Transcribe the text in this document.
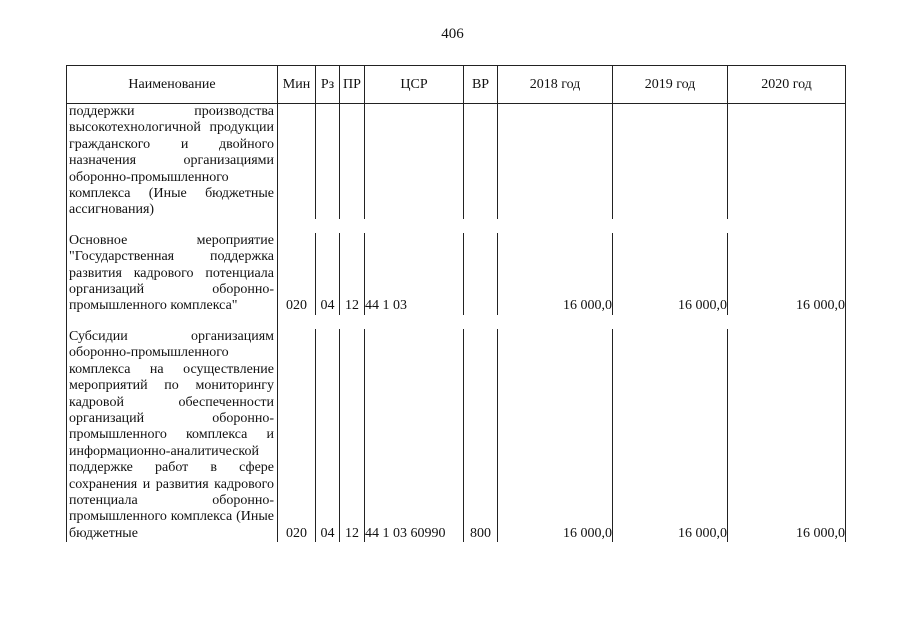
406
Наименование	Мин	Рз	ПР	ЦСР	ВР	2018 год	2019 год	2020 год
поддержки производства высокотехнологичной продукции гражданского и двойного назначения организациями оборонно-промышленного комплекса (Иные бюджетные ассигнования)								

Основное мероприятие "Государственная поддержка развития кадрового потенциала организаций оборонно-промышленного комплекса"	020	04	12	44 1 03		16 000,0	16 000,0	16 000,0

Субсидии организациям оборонно-промышленного комплекса на осуществление мероприятий по мониторингу кадровой обеспеченности организаций оборонно-промышленного комплекса и информационно-аналитической поддержке работ в сфере сохранения и развития кадрового потенциала оборонно-промышленного комплекса (Иные бюджетные	020	04	12	44 1 03 60990	800	16 000,0	16 000,0	16 000,0
